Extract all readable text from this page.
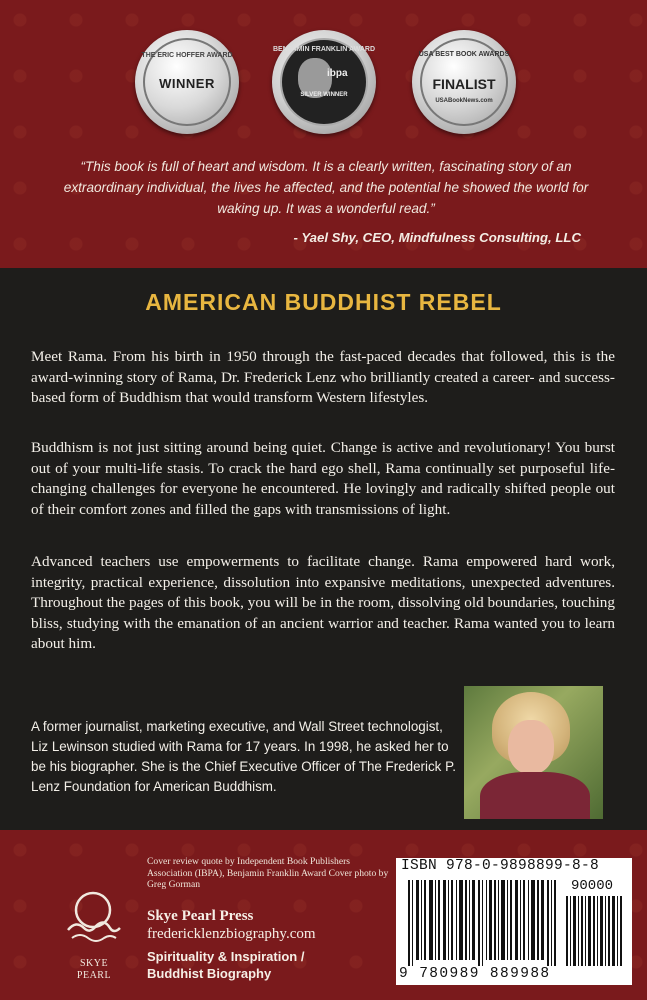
THE ERIC HOFFER AWARD
WINNER
BENJAMIN FRANKLIN AWARD
ibpa
SILVER WINNER
USA BEST BOOK AWARDS
FINALIST
USABookNews.com
“This book is full of heart and wisdom. It is a clearly written, fascinating story of an extraordinary individual, the lives he affected, and the potential he showed the world for waking up. It was a wonderful read.”
- Yael Shy, CEO, Mindfulness Consulting, LLC
AMERICAN BUDDHIST REBEL
Meet Rama. From his birth in 1950 through the fast-paced decades that followed, this is the award-winning story of Rama, Dr. Frederick Lenz who brilliantly created a career- and success-based form of Buddhism that would transform Western lifestyles.
Buddhism is not just sitting around being quiet. Change is active and revolutionary! You burst out of your multi-life stasis. To crack the hard ego shell, Rama continually set purposeful life-changing challenges for everyone he encountered. He lovingly and radically shifted people out of their comfort zones and filled the gaps with transmissions of light.
Advanced teachers use empowerments to facilitate change. Rama empowered hard work, integrity, practical experience, dissolution into expansive meditations, unexpected adventures. Throughout the pages of this book, you will be in the room, dissolving old boundaries, touching bliss, studying with the emanation of an ancient warrior and teacher. Rama wanted you to learn about him.
A former journalist, marketing executive, and Wall Street technologist, Liz Lewinson studied with Rama for 17 years. In 1998, he asked her to be his biographer. She is the Chief Executive Officer of The Frederick P. Lenz Foundation for American Buddhism.
SKYE PEARL
Cover review quote by Independent Book Publishers Association (IBPA), Benjamin Franklin Award Cover photo by Greg Gorman
Skye Pearl Press
fredericklenzbiography.com
Spirituality & Inspiration /
Buddhist Biography
ISBN 978-0-9898899-8-8
90000
9 780989 889988
